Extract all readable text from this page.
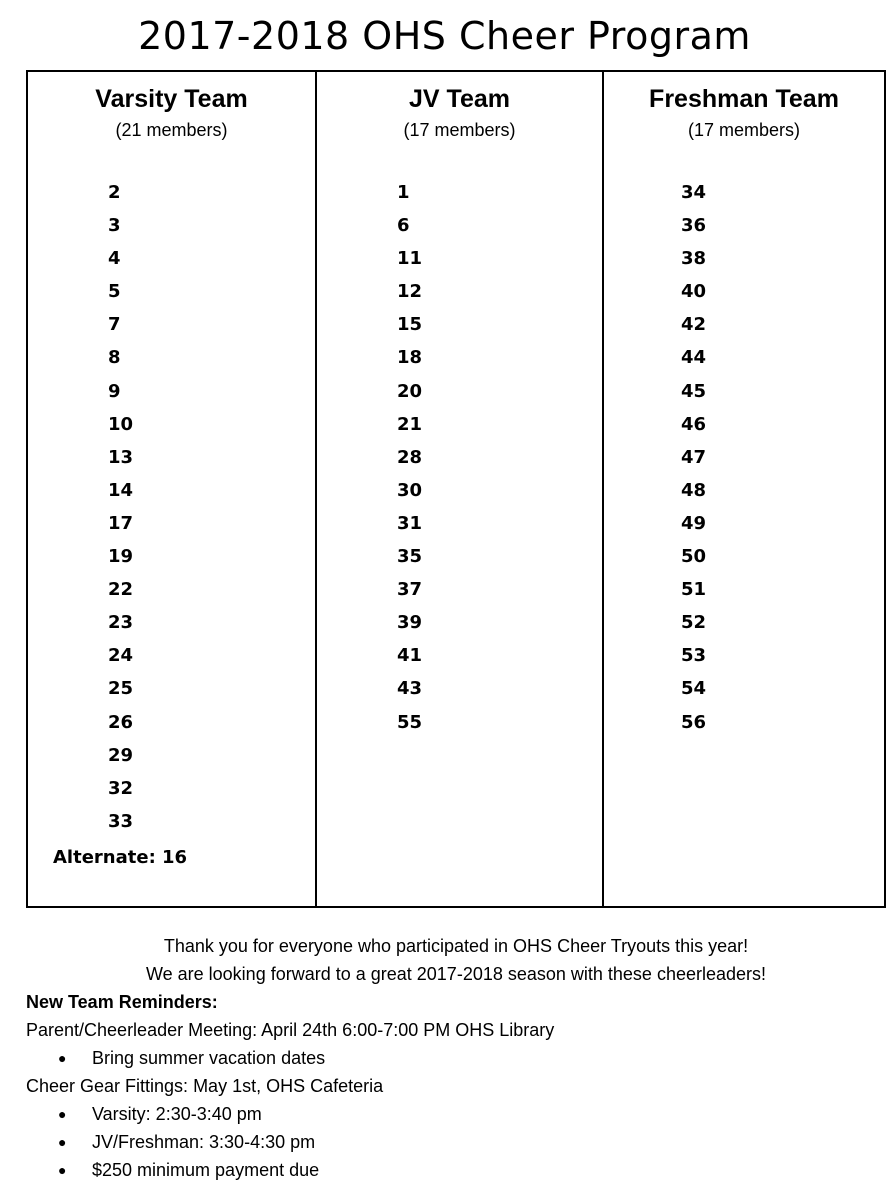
2017-2018 OHS Cheer Program
Varsity Team
(21 members)
2
3
4
5
7
8
9
10
13
14
17
19
22
23
24
25
26
29
32
33
Alternate: 16
JV Team
(17 members)
1
6
11
12
15
18
20
21
28
30
31
35
37
39
41
43
55
Freshman Team
(17 members)
34
36
38
40
42
44
45
46
47
48
49
50
51
52
53
54
56
Thank you for everyone who participated in OHS Cheer Tryouts this year!
We are looking forward to a great 2017-2018 season with these cheerleaders!
New Team Reminders:
Parent/Cheerleader Meeting: April 24th 6:00-7:00 PM OHS Library
● Bring summer vacation dates
Cheer Gear Fittings: May 1st, OHS Cafeteria
● Varsity: 2:30-3:40 pm
● JV/Freshman: 3:30-4:30 pm
● $250 minimum payment due
